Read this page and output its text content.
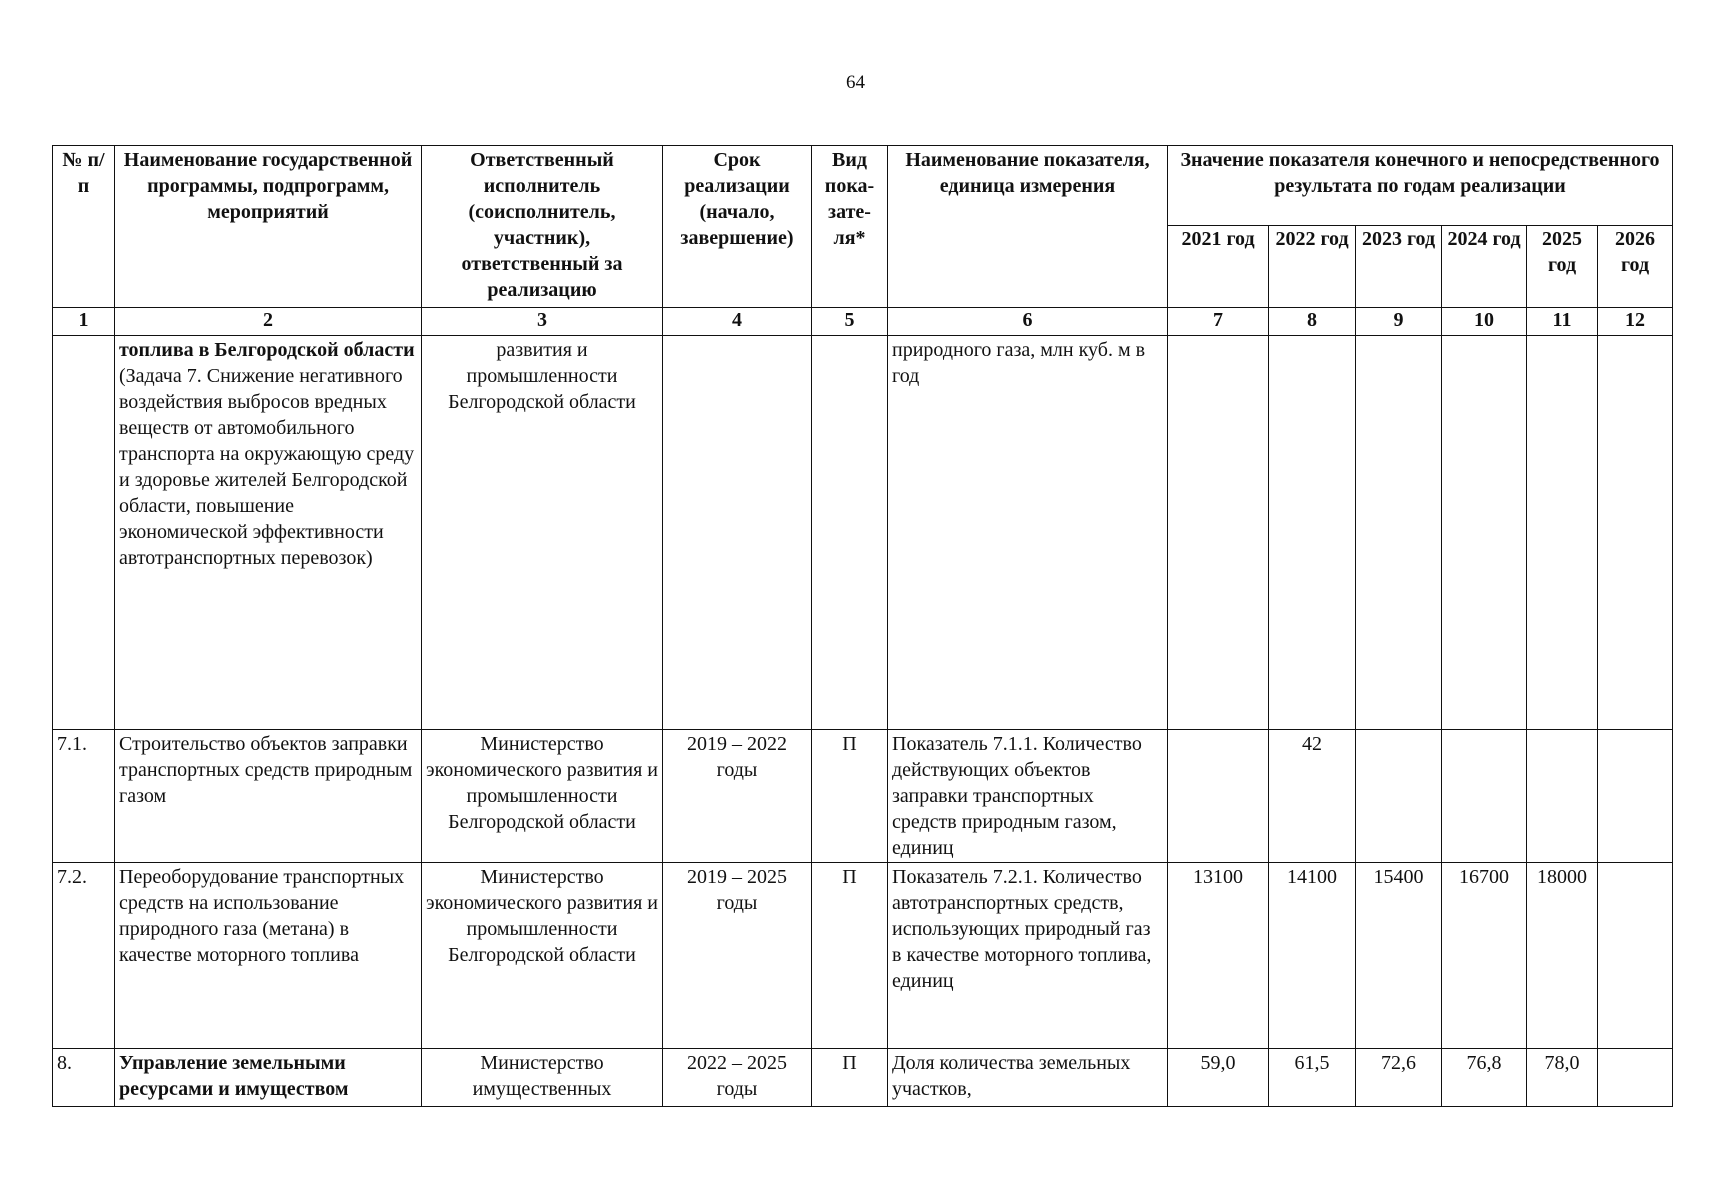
64
№ п/п	Наименование государственной программы, подпрограмм, мероприятий	Ответственный исполнитель (соисполнитель, участник), ответственный за реализацию	Срок реализации (начало, завершение)	Вид пока-зате-ля*	Наименование показателя, единица измерения	Значение показателя конечного и непосредственного результата по годам реализации					
						2021 год	2022 год	2023 год	2024 год	2025 год	2026 год
1	2	3	4	5	6	7	8	9	10	11	12
	топлива в Белгородской области (Задача 7. Снижение негативного воздействия выбросов вредных веществ от автомобильного транспорта на окружающую среду и здоровье жителей Белгородской области, повышение экономической эффективности автотранспортных перевозок)	развития и промышленности Белгородской области			природного газа, млн куб. м в год						
7.1.	Строительство объектов заправки транспортных средств природным газом	Министерство экономического развития и промышленности Белгородской области	2019 – 2022 годы	П	Показатель 7.1.1. Количество действующих объектов заправки транспортных средств природным газом, единиц		42				
7.2.	Переоборудование транспортных средств на использование природного газа (метана) в качестве моторного топлива	Министерство экономического развития и промышленности Белгородской области	2019 – 2025 годы	П	Показатель 7.2.1. Количество автотранспортных средств, использующих природный газ в качестве моторного топлива, единиц	13100	14100	15400	16700	18000	
8.	Управление земельными ресурсами и имуществом	Министерство имущественных	2022 – 2025 годы	П	Доля количества земельных участков,	59,0	61,5	72,6	76,8	78,0	
